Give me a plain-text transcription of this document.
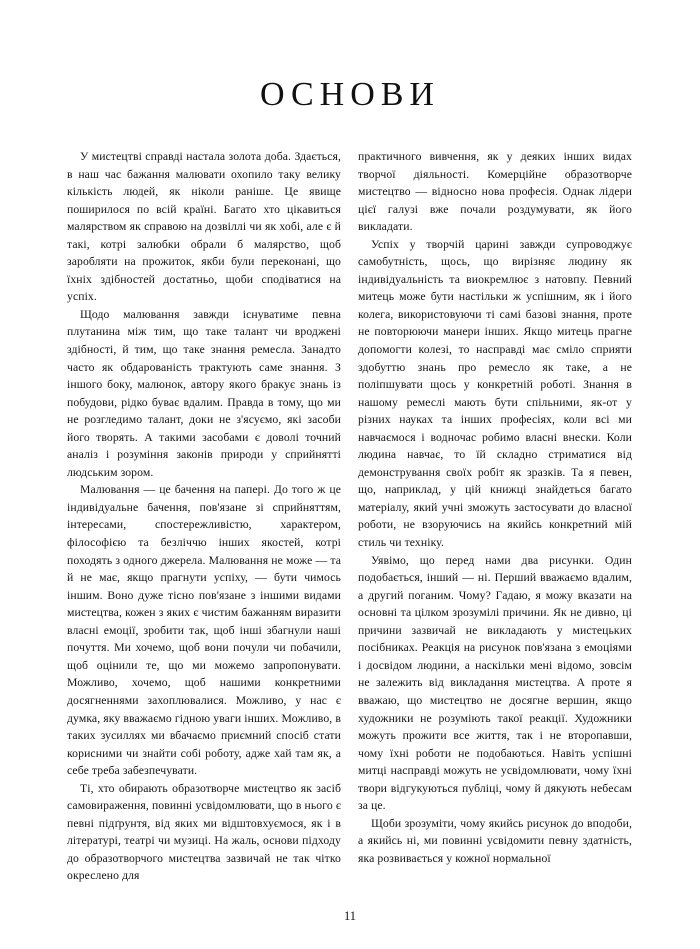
ОСНОВИ

У мистецтві справді настала золота доба. Здається, в наш час бажання малювати охопило таку велику кількість людей, як ніколи раніше. Це явище поширилося по всій країні. Багато хто цікавиться малярством як справою на дозвіллі чи як хобі, але є й такі, котрі залюбки обрали б малярство, щоб заробляти на прожиток, якби були переконані, що їхніх здібностей достатньо, щоби сподіватися на успіх.

Щодо малювання завжди існуватиме певна плутанина між тим, що таке талант чи вроджені здібності, й тим, що таке знання ремесла. Занадто часто як обдарованість трактують саме знання. З іншого боку, малюнок, автору якого бракує знань із побудови, рідко буває вдалим. Правда в тому, що ми не розгледимо талант, доки не з'ясуємо, які засоби його творять. А такими засобами є доволі точний аналіз і розуміння законів природи у сприйнятті людським зором.

Малювання — це бачення на папері. До того ж це індивідуальне бачення, пов'язане зі сприйняттям, інтересами, спостережливістю, характером, філософією та безліччю інших якостей, котрі походять з одного джерела. Малювання не може — та й не має, якщо прагнути успіху, — бути чимось іншим. Воно дуже тісно пов'язане з іншими видами мистецтва, кожен з яких є чистим бажанням виразити власні емоції, зробити так, щоб інші збагнули наші почуття. Ми хочемо, щоб вони почули чи побачили, щоб оцінили те, що ми можемо запропонувати. Можливо, хочемо, щоб нашими конкретними досягненнями захоплювалися. Можливо, у нас є думка, яку вважаємо гідною уваги інших. Можливо, в таких зусиллях ми вбачаємо приємний спосіб стати корисними чи знайти собі роботу, адже хай там як, а себе треба забезпечувати.

Ті, хто обирають образотворче мистецтво як засіб самовираження, повинні усвідомлювати, що в нього є певні підґрунтя, від яких ми відштовхуємося, як і в літературі, театрі чи музиці. На жаль, основи підходу до образотворчого мистецтва зазвичай не так чітко окреслено для

практичного вивчення, як у деяких інших видах творчої діяльності. Комерційне образотворче мистецтво — відносно нова професія. Однак лідери цієї галузі вже почали роздумувати, як його викладати.

Успіх у творчій царині завжди супроводжує самобутність, щось, що вирізняє людину як індивідуальність та виокремлює з натовпу. Певний митець може бути настільки ж успішним, як і його колега, використовуючи ті самі базові знання, проте не повторюючи манери інших. Якщо митець прагне допомогти колезі, то насправді має сміло сприяти здобуттю знань про ремесло як таке, а не поліпшувати щось у конкретній роботі. Знання в нашому ремеслі мають бути спільними, як-от у різних науках та інших професіях, коли всі ми навчаємося і водночас робимо власні внески. Коли людина навчає, то їй складно стриматися від демонстрування своїх робіт як зразків. Та я певен, що, наприклад, у цій книжці знайдеться багато матеріалу, який учні зможуть застосувати до власної роботи, не взоруючись на якийсь конкретний мій стиль чи техніку.

Уявімо, що перед нами два рисунки. Один подобається, інший — ні. Перший вважаємо вдалим, а другий поганим. Чому? Гадаю, я можу вказати на основні та цілком зрозумілі причини. Як не дивно, ці причини зазвичай не викладають у мистецьких посібниках. Реакція на рисунок пов'язана з емоціями і досвідом людини, а наскільки мені відомо, зовсім не залежить від викладання мистецтва. А проте я вважаю, що мистецтво не досягне вершин, якщо художники не розуміють такої реакції. Художники можуть прожити все життя, так і не второпавши, чому їхні роботи не подобаються. Навіть успішні митці насправді можуть не усвідомлювати, чому їхні твори відгукуються публіці, чому й дякують небесам за це.

Щоби зрозуміти, чому якийсь рисунок до вподоби, а якийсь ні, ми повинні усвідомити певну здатність, яка розвивається у кожної нормальної

11
